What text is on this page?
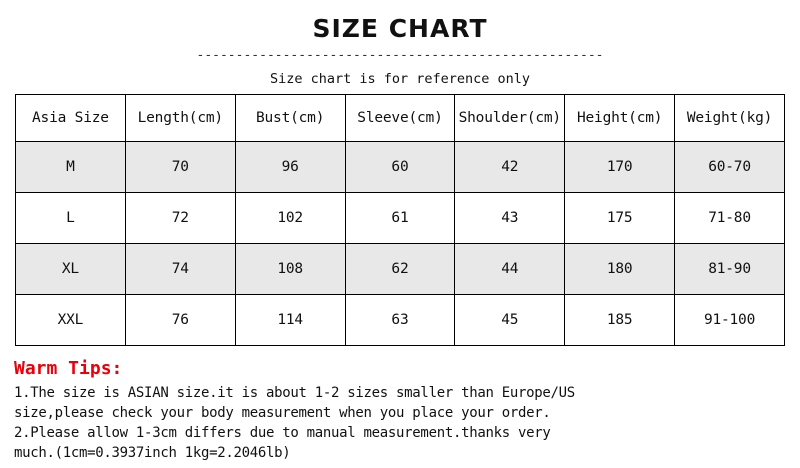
SIZE CHART
----------------------------------------------------
Size chart is for reference only
Asia Size	Length(cm)	Bust(cm)	Sleeve(cm)	Shoulder(cm)	Height(cm)	Weight(kg)
M	70	96	60	42	170	60-70
L	72	102	61	43	175	71-80
XL	74	108	62	44	180	81-90
XXL	76	114	63	45	185	91-100
Warm Tips:
1.The size is ASIAN size.it is about 1-2 sizes smaller than Europe/US
size,please check your body measurement when you place your order.
2.Please allow 1-3cm differs due to manual measurement.thanks very
much.(1cm=0.3937inch 1kg=2.2046lb)
